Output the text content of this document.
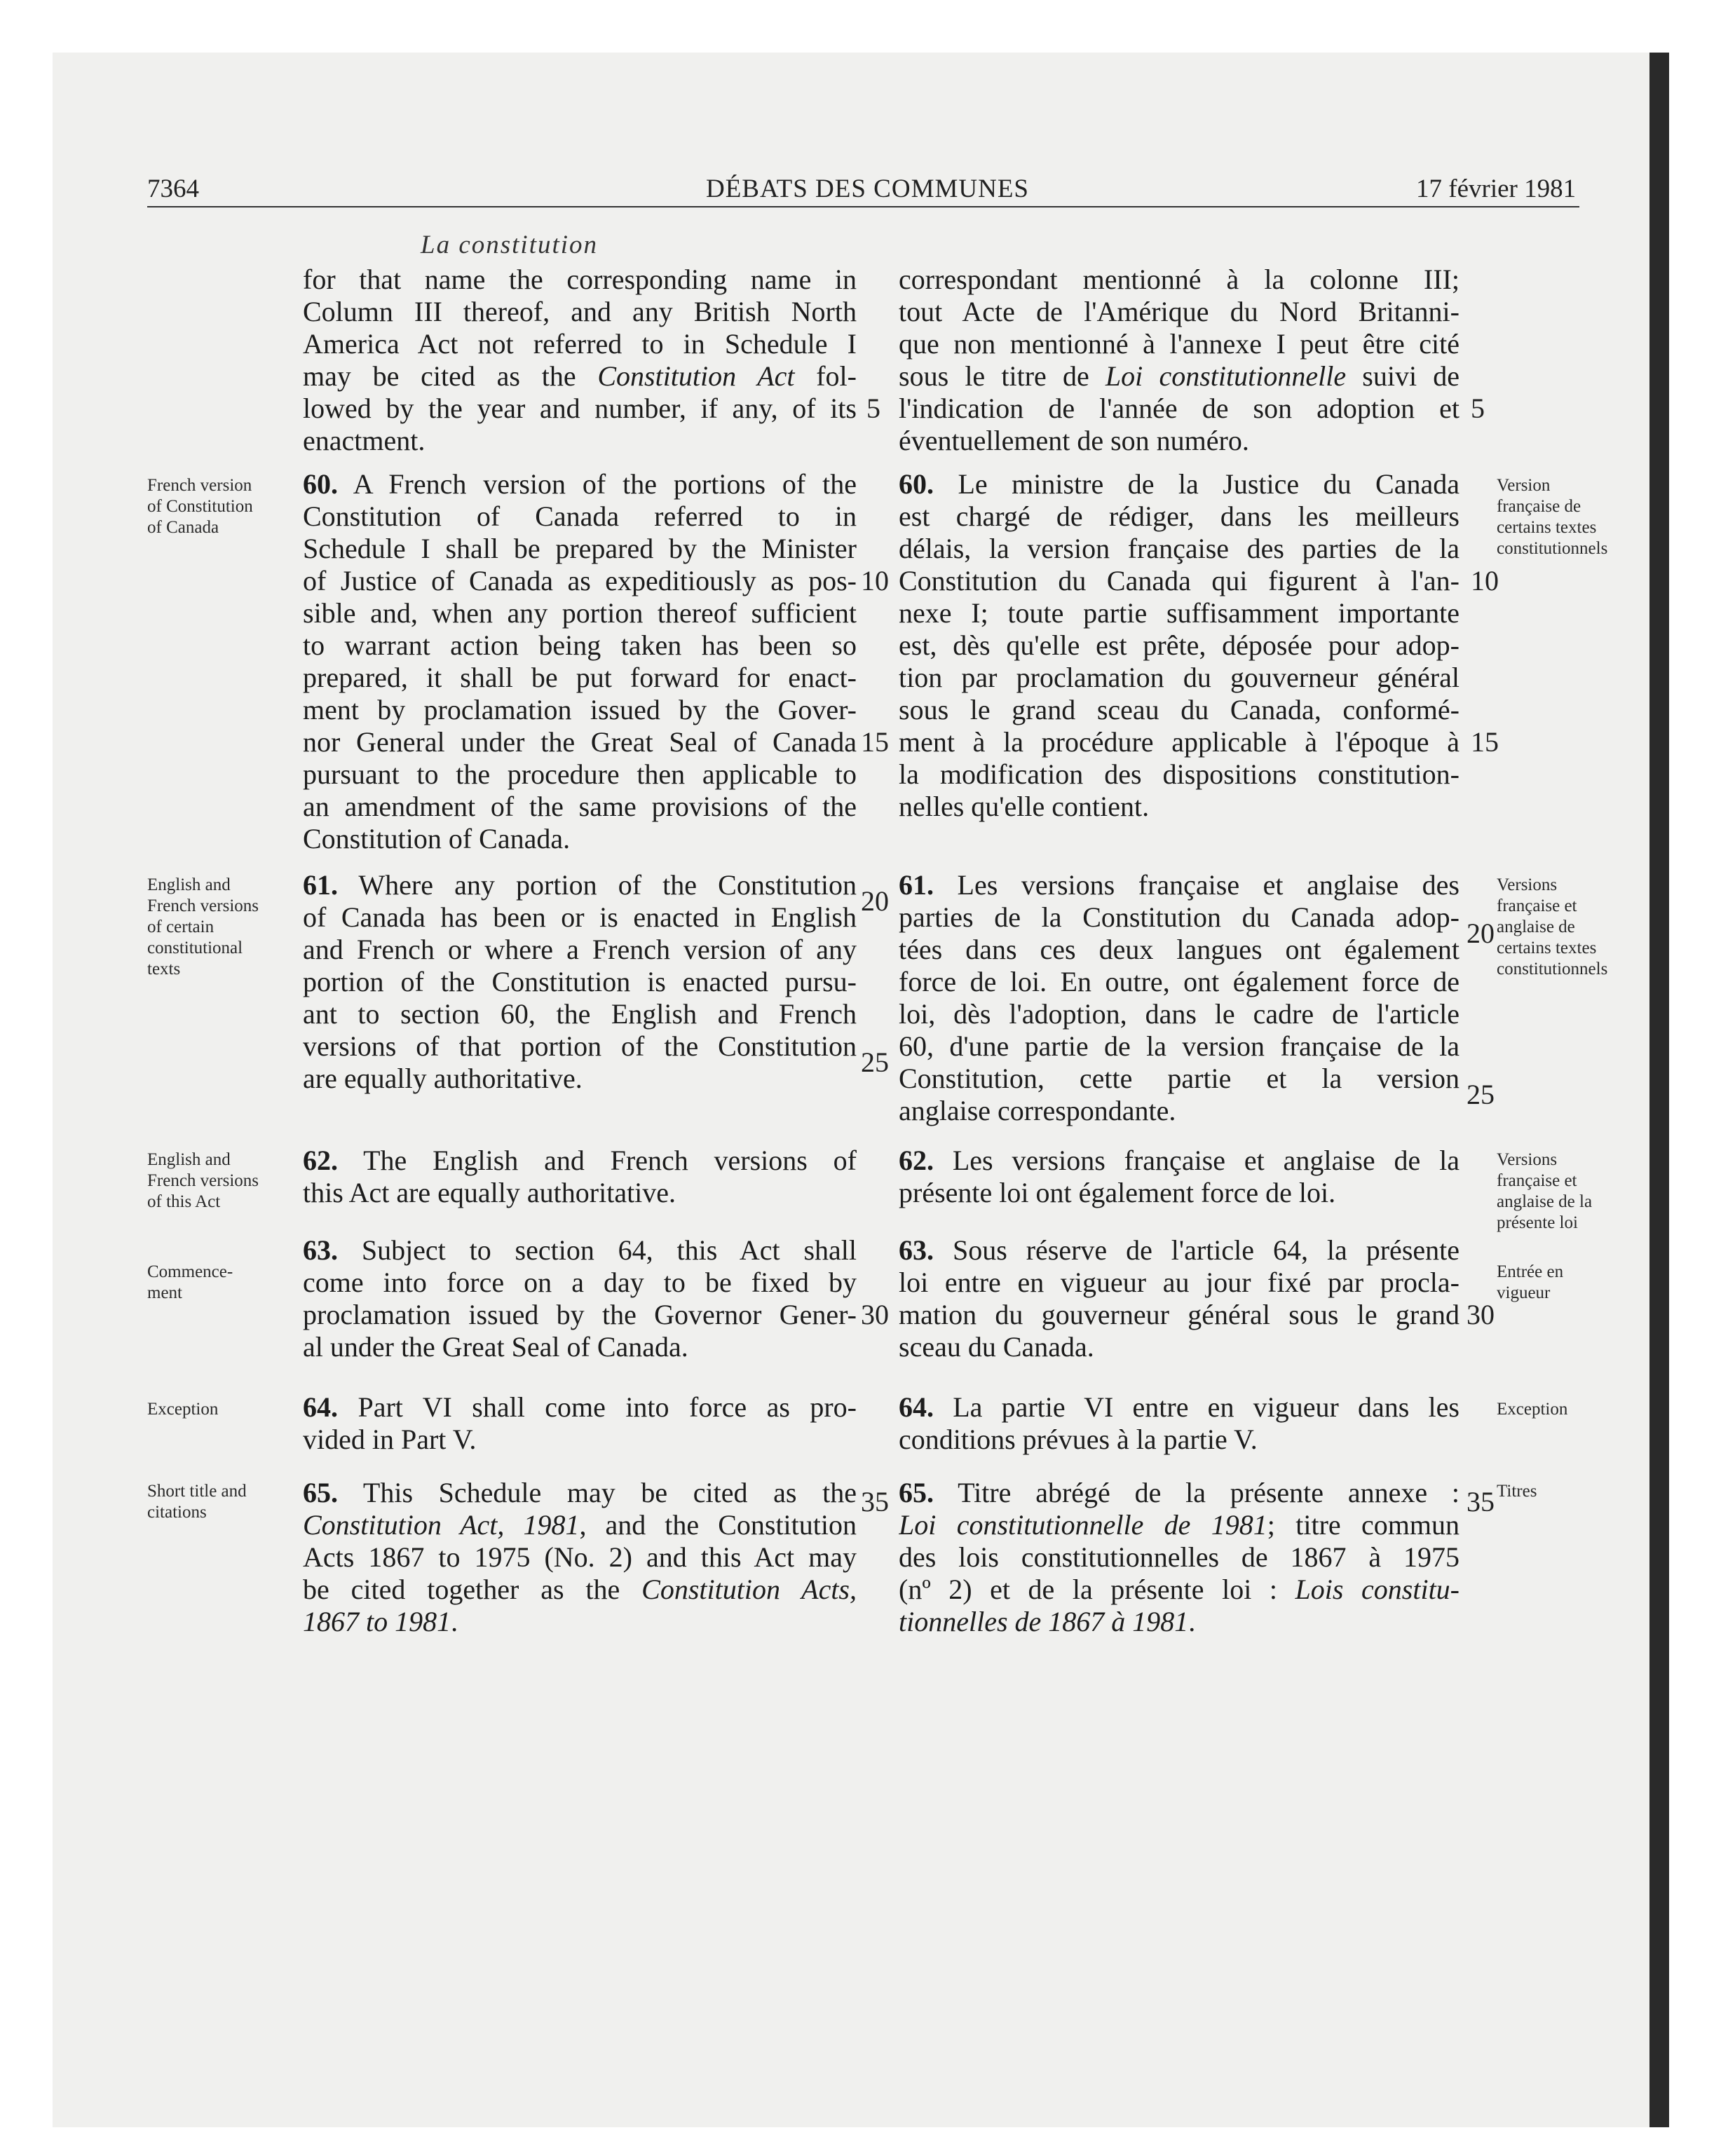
7364	DÉBATS DES COMMUNES	17 février 1981
La constitution
for that name the corresponding name in
Column III thereof, and any British North
America Act not referred to in Schedule I
may be cited as the Constitution Act fol-
lowed by the year and number, if any, of its
enactment.
correspondant mentionné à la colonne III;
tout Acte de l'Amérique du Nord Britanni-
que non mentionné à l'annexe I peut être cité
sous le titre de Loi constitutionnelle suivi de
l'indication de l'année de son adoption et
éventuellement de son numéro.
5	5
10	10
15	15
20
20
25
25
30	30
35	35
French version
of Constitution
of Canada
Version
française de
certains textes
constitutionnels
60. A French version of the portions of the
Constitution of Canada referred to in
Schedule I shall be prepared by the Minister
of Justice of Canada as expeditiously as pos-
sible and, when any portion thereof sufficient
to warrant action being taken has been so
prepared, it shall be put forward for enact-
ment by proclamation issued by the Gover-
nor General under the Great Seal of Canada
pursuant to the procedure then applicable to
an amendment of the same provisions of the
Constitution of Canada.
60. Le ministre de la Justice du Canada
est chargé de rédiger, dans les meilleurs
délais, la version française des parties de la
Constitution du Canada qui figurent à l'an-
nexe I; toute partie suffisamment importante
est, dès qu'elle est prête, déposée pour adop-
tion par proclamation du gouverneur général
sous le grand sceau du Canada, conformé-
ment à la procédure applicable à l'époque à
la modification des dispositions constitution-
nelles qu'elle contient.
English and
French versions
of certain
constitutional
texts
Versions
française et
anglaise de
certains textes
constitutionnels
61. Where any portion of the Constitution
of Canada has been or is enacted in English
and French or where a French version of any
portion of the Constitution is enacted pursu-
ant to section 60, the English and French
versions of that portion of the Constitution
are equally authoritative.
61. Les versions française et anglaise des
parties de la Constitution du Canada adop-
tées dans ces deux langues ont également
force de loi. En outre, ont également force de
loi, dès l'adoption, dans le cadre de l'article
60, d'une partie de la version française de la
Constitution, cette partie et la version
anglaise correspondante.
English and
French versions
of this Act
Versions
française et
anglaise de la
présente loi
62. The English and French versions of
this Act are equally authoritative.
62. Les versions française et anglaise de la
présente loi ont également force de loi.
Commence-
ment
Entrée en
vigueur
63. Subject to section 64, this Act shall
come into force on a day to be fixed by
proclamation issued by the Governor Gener-
al under the Great Seal of Canada.
63. Sous réserve de l'article 64, la présente
loi entre en vigueur au jour fixé par procla-
mation du gouverneur général sous le grand
sceau du Canada.
Exception	Exception
64. Part VI shall come into force as pro-
vided in Part V.
64. La partie VI entre en vigueur dans les
conditions prévues à la partie V.
Short title and
citations
Titres
65. This Schedule may be cited as the
Constitution Act, 1981, and the Constitution
Acts 1867 to 1975 (No. 2) and this Act may
be cited together as the Constitution Acts,
1867 to 1981.
65. Titre abrégé de la présente annexe :
Loi constitutionnelle de 1981; titre commun
des lois constitutionnelles de 1867 à 1975
(nº 2) et de la présente loi : Lois constitu-
tionnelles de 1867 à 1981.
